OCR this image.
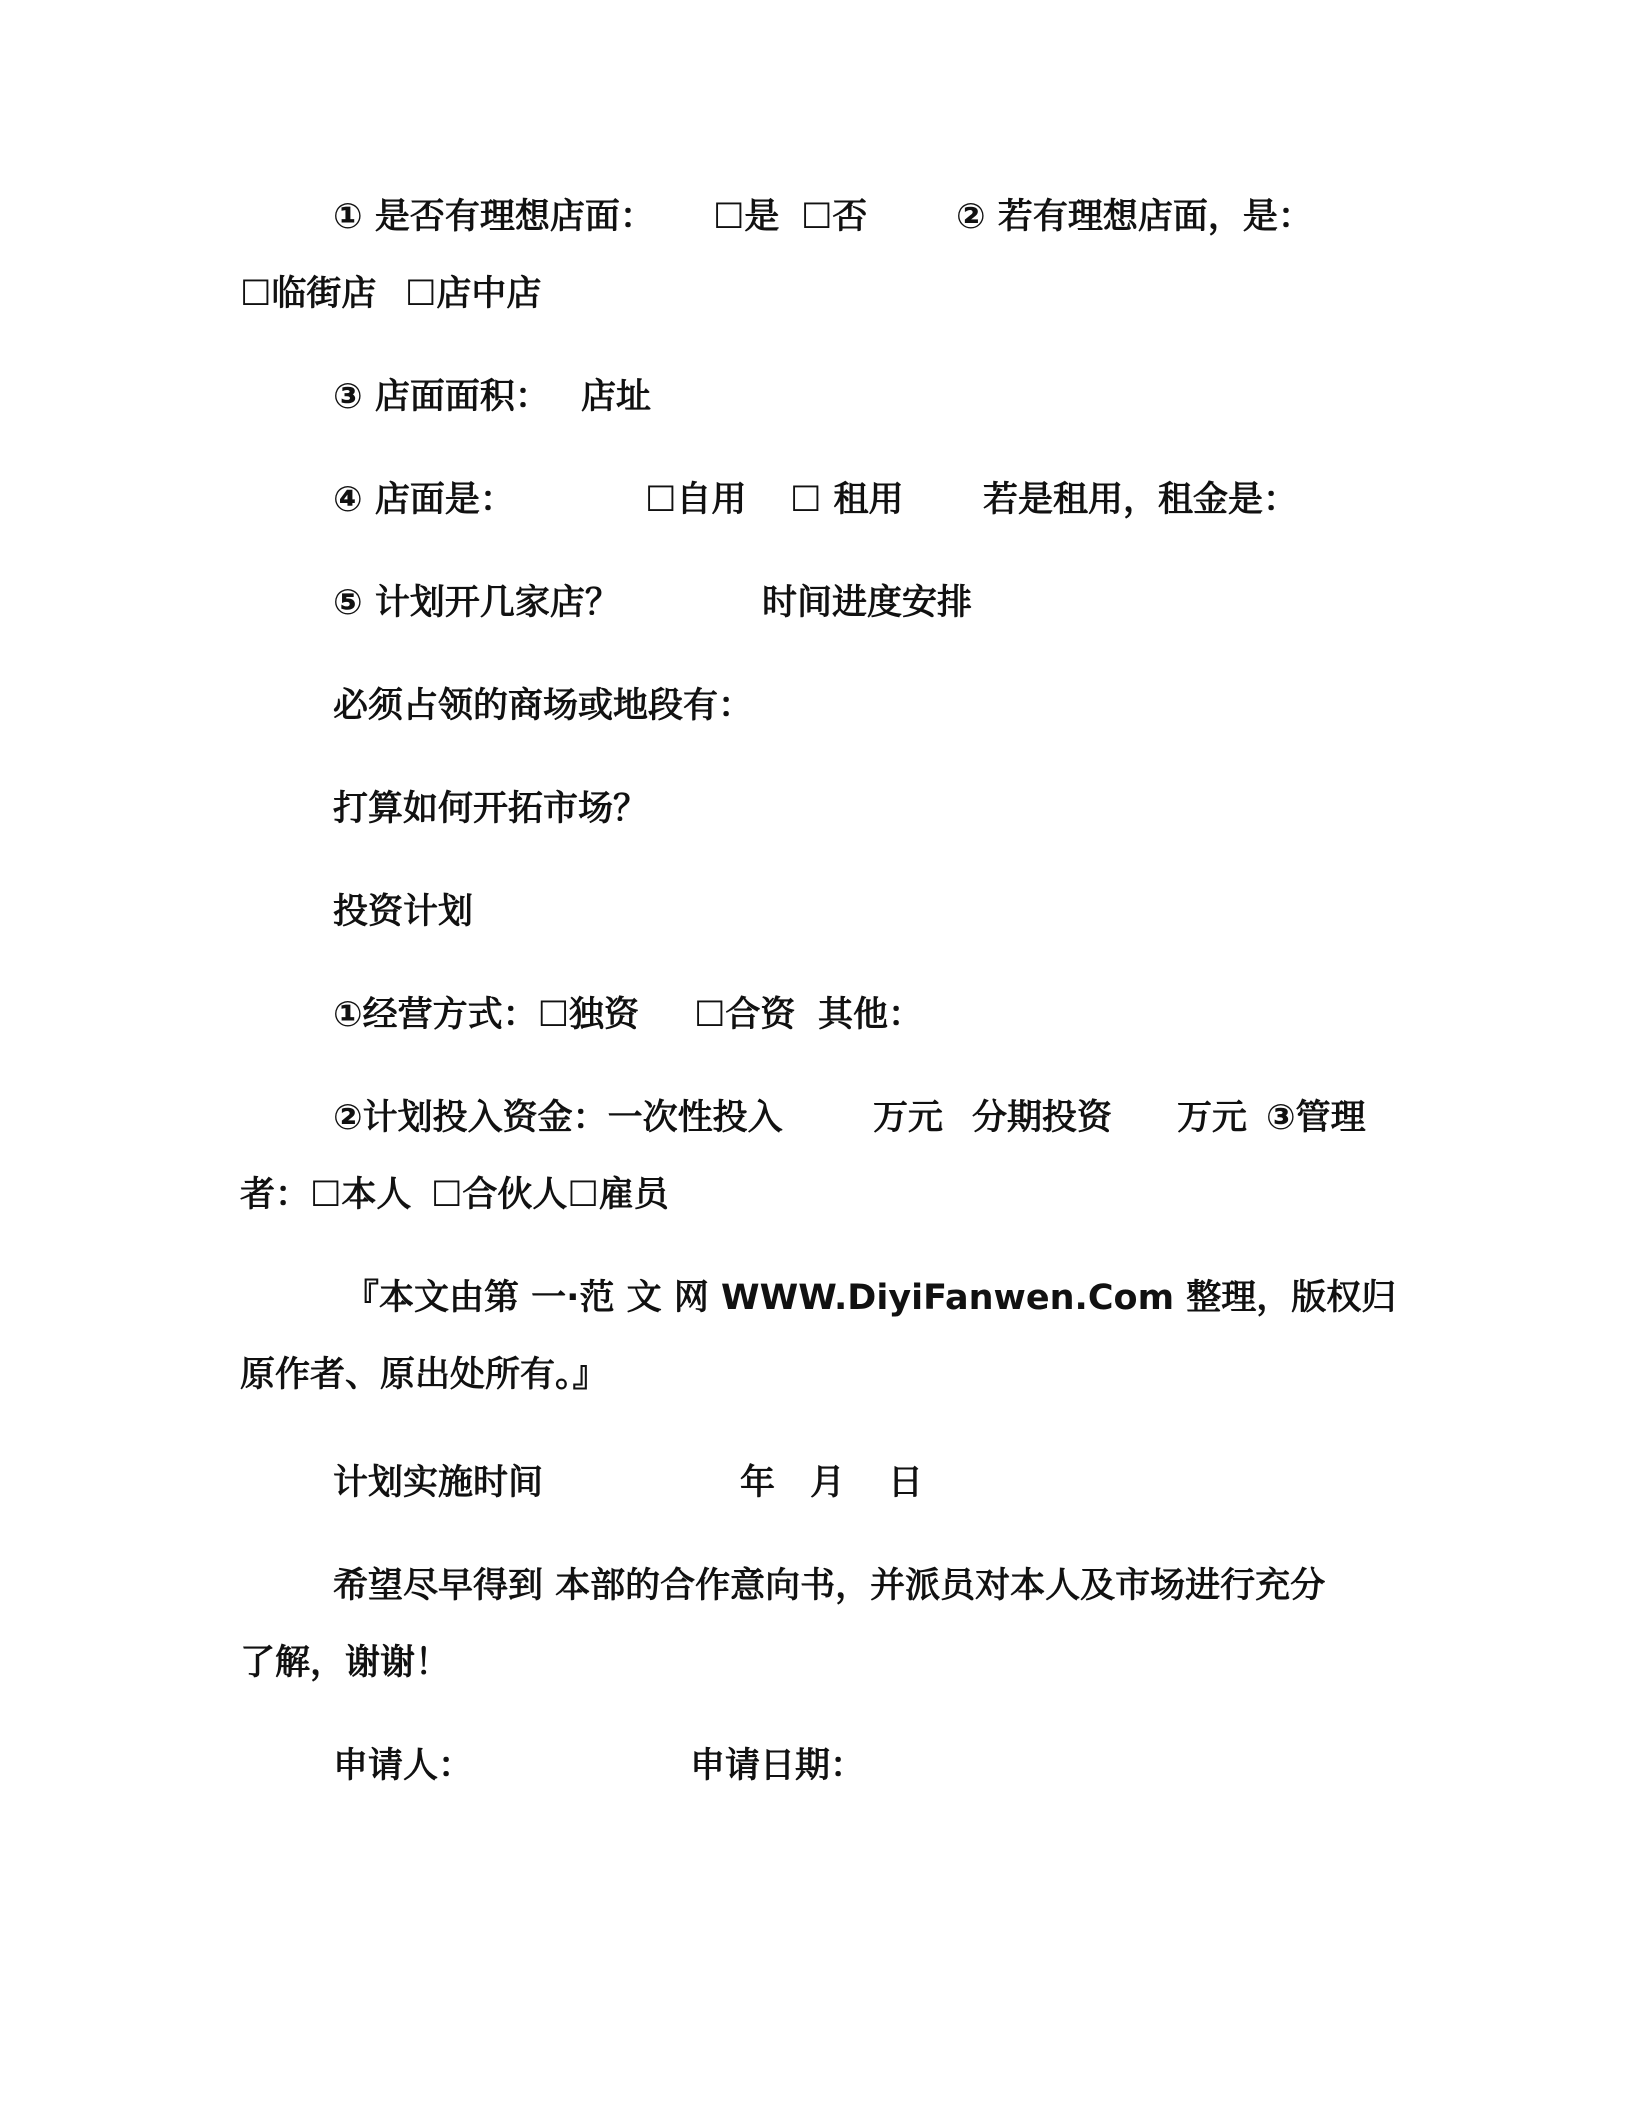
① 是否有理想店面： ☐是 ☐否	② 若有理想店面，是：
☐临街店 ☐店中店
③ 店面面积： 店址
④ 店面是：	☐自用 ☐ 租用 若是租用，租金是：
⑤ 计划开几家店？	时间进度安排
必须占领的商场或地段有：
打算如何开拓市场？
投资计划
①经营方式：☐独资 ☐合资 其他：
②计划投入资金：一次性投入	万元 分期投资 万元 ③管理
者：☐本人 ☐合伙人☐雇员
『本文由第 一·范 文 网 WWW.DiyiFanwen.Com 整理，版权归
原作者、原出处所有。』
计划实施时间	年 月 日
希望尽早得到 本部的合作意向书，并派员对本人及市场进行充分
了解，谢谢！
申请人：	申请日期：
